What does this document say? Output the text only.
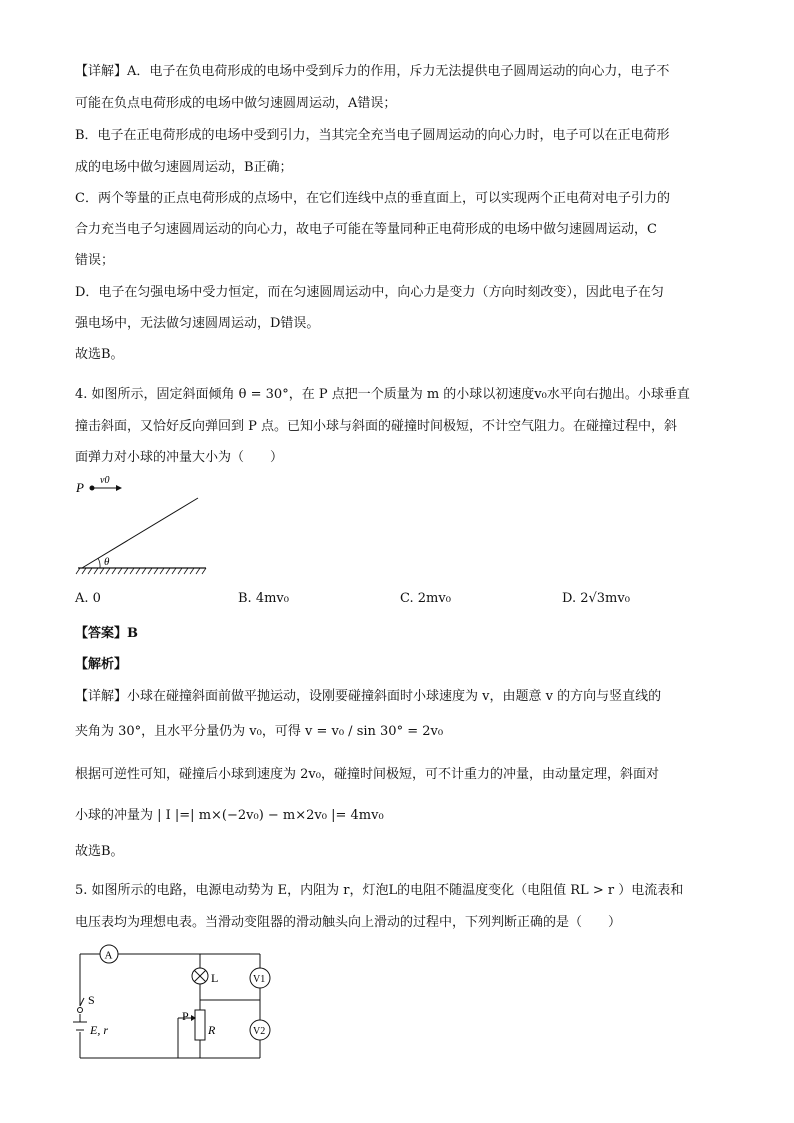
【详解】A．电子在负电荷形成的电场中受到斥力的作用，斥力无法提供电子圆周运动的向心力，电子不
可能在负点电荷形成的电场中做匀速圆周运动，A错误；
B．电子在正电荷形成的电场中受到引力，当其完全充当电子圆周运动的向心力时，电子可以在正电荷形
成的电场中做匀速圆周运动，B正确；
C．两个等量的正点电荷形成的点场中，在它们连线中点的垂直面上，可以实现两个正电荷对电子引力的
合力充当电子匀速圆周运动的向心力，故电子可能在等量同种正电荷形成的电场中做匀速圆周运动，C
错误；
D．电子在匀强电场中受力恒定，而在匀速圆周运动中，向心力是变力（方向时刻改变），因此电子在匀
强电场中，无法做匀速圆周运动，D错误。
故选B。
4. 如图所示，固定斜面倾角 θ = 30°，在 P 点把一个质量为 m 的小球以初速度v₀水平向右抛出。小球垂直
撞击斜面，又恰好反向弹回到 P 点。已知小球与斜面的碰撞时间极短，不计空气阻力。在碰撞过程中，斜
面弹力对小球的冲量大小为（　　）
P v0
θ
A. 0	B. 4mv₀	C. 2mv₀	D. 2√3mv₀
【答案】B
【解析】
【详解】小球在碰撞斜面前做平抛运动，设刚要碰撞斜面时小球速度为 v，由题意 v 的方向与竖直线的
夹角为 30°，且水平分量仍为 v₀，可得 v = v₀ / sin 30° = 2v₀
根据可逆性可知，碰撞后小球到速度为 2v₀，碰撞时间极短，可不计重力的冲量，由动量定理，斜面对
小球的冲量为 | I |=| m×(−2v₀) − m×2v₀ |= 4mv₀
故选B。
5. 如图所示的电路，电源电动势为 E，内阻为 r，灯泡L的电阻不随温度变化（电阻值 RL > r ）电流表和
电压表均为理想电表。当滑动变阻器的滑动触头向上滑动的过程中，下列判断正确的是（　　）
A
L	V1
V2
S
E, r
P
R
